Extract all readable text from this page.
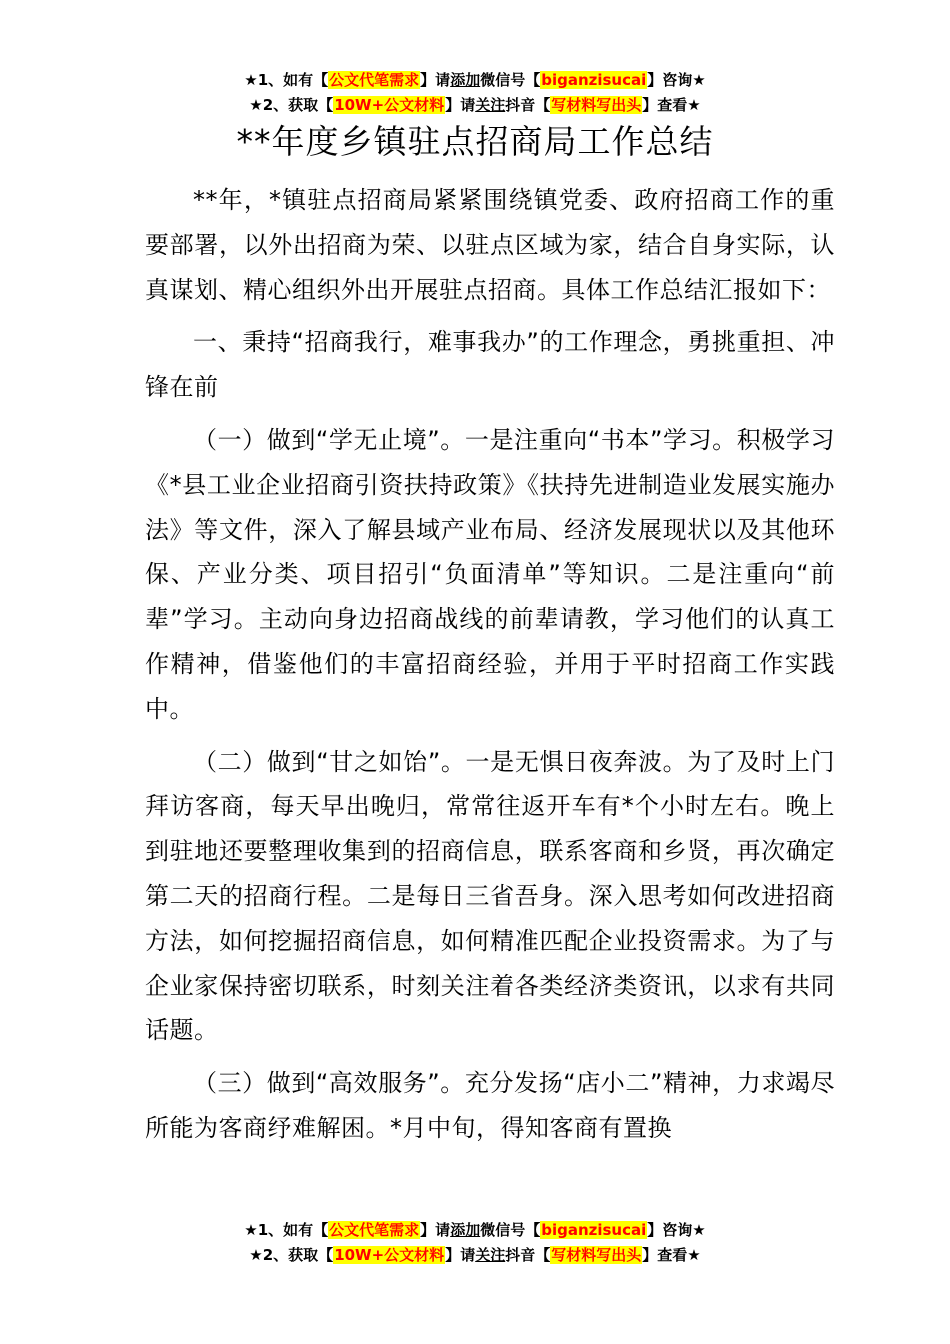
★1、如有【公文代笔需求】请添加微信号【biganzisucai】咨询★
★2、获取【10W+公文材料】请关注抖音【写材料写出头】查看★
**年度乡镇驻点招商局工作总结

**年，*镇驻点招商局紧紧围绕镇党委、政府招商工作的重要部署，以外出招商为荣、以驻点区域为家，结合自身实际，认真谋划、精心组织外出开展驻点招商。具体工作总结汇报如下：

一、秉持“招商我行，难事我办”的工作理念，勇挑重担、冲锋在前

（一）做到“学无止境”。一是注重向“书本”学习。积极学习《*县工业企业招商引资扶持政策》《扶持先进制造业发展实施办法》等文件，深入了解县域产业布局、经济发展现状以及其他环保、产业分类、项目招引“负面清单”等知识。二是注重向“前辈”学习。主动向身边招商战线的前辈请教，学习他们的认真工作精神，借鉴他们的丰富招商经验，并用于平时招商工作实践中。

（二）做到“甘之如饴”。一是无惧日夜奔波。为了及时上门拜访客商，每天早出晚归，常常往返开车有*个小时左右。晚上到驻地还要整理收集到的招商信息，联系客商和乡贤，再次确定第二天的招商行程。二是每日三省吾身。深入思考如何改进招商方法，如何挖掘招商信息，如何精准匹配企业投资需求。为了与企业家保持密切联系，时刻关注着各类经济类资讯，以求有共同话题。

（三）做到“高效服务”。充分发扬“店小二”精神，力求竭尽所能为客商纾难解困。*月中旬，得知客商有置换

★1、如有【公文代笔需求】请添加微信号【biganzisucai】咨询★
★2、获取【10W+公文材料】请关注抖音【写材料写出头】查看★
